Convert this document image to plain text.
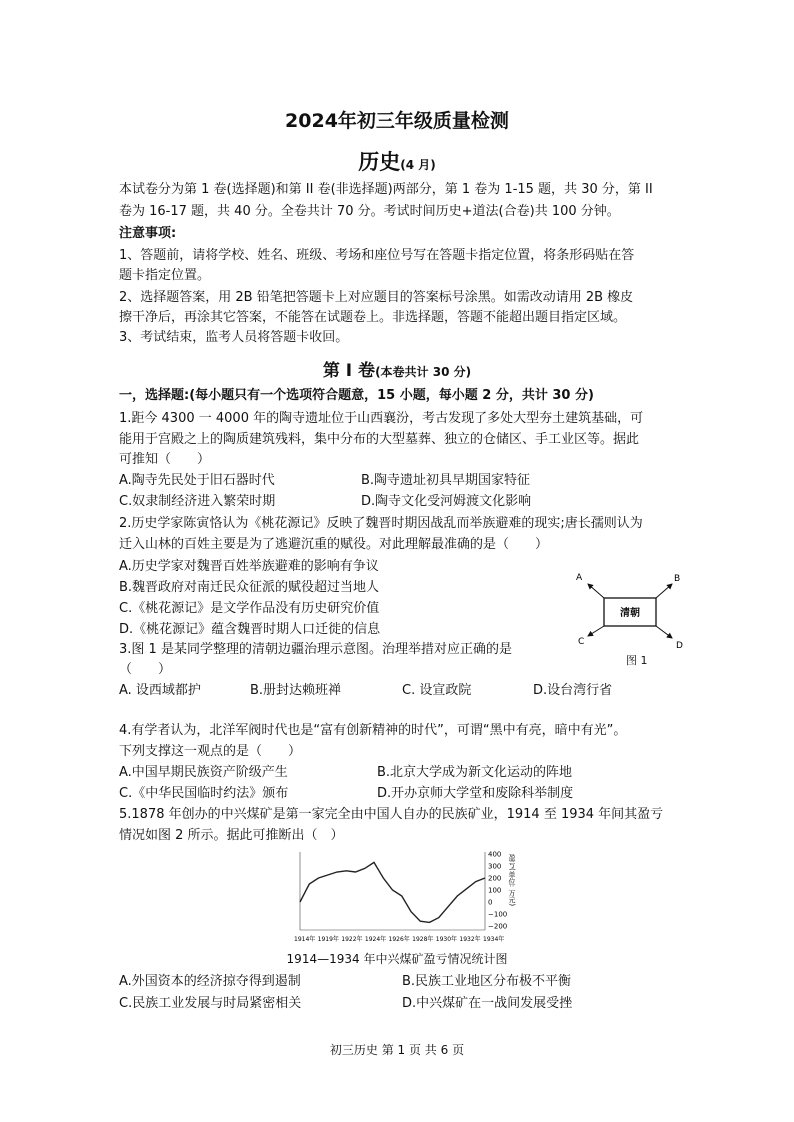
2024年初三年级质量检测
历史(4 月)
本试卷分为第 1 卷(选择题)和第 II 卷(非选择题)两部分，第 1 卷为 1-15 题，共 30 分，第 II
卷为 16-17 题，共 40 分。全卷共计 70 分。考试时间历史+道法(合卷)共 100 分钟。
注意事项:
1、答题前，请将学校、姓名、班级、考场和座位号写在答题卡指定位置，将条形码贴在答
题卡指定位置。
2、选择题答案，用 2B 铅笔把答题卡上对应题目的答案标号涂黑。如需改动请用 2B 橡皮
擦干净后，再涂其它答案，不能答在试题卷上。非选择题，答题不能超出题目指定区域。
3、考试结束，监考人员将答题卡收回。
第 I 卷(本卷共计 30 分)
一，选择题:(每小题只有一个选项符合题意，15 小题，每小题 2 分，共计 30 分)
1.距今 4300 一 4000 年的陶寺遗址位于山西襄汾，考古发现了多处大型夯土建筑基础，可
能用于宫殿之上的陶质建筑残料，集中分布的大型墓葬、独立的仓储区、手工业区等。据此
可推知（　　）
A.陶寺先民处于旧石器时代	B.陶寺遗址初具早期国家特征
C.奴隶制经济进入繁荣时期	D.陶寺文化受河姆渡文化影响
2.历史学家陈寅恪认为《桃花源记》反映了魏晋时期因战乱而举族避难的现实;唐长孺则认为
迁入山林的百姓主要是为了逃避沉重的赋役。对此理解最准确的是（　　）
A.历史学家对魏晋百姓举族避难的影响有争议
B.魏晋政府对南迁民众征派的赋役超过当地人
C.《桃花源记》是文学作品没有历史研究价值
D.《桃花源记》蕴含魏晋时期人口迁徙的信息
3.图 1 是某同学整理的清朝边疆治理示意图。治理举措对应正确的是
（　　）
A. 设西域都护	B.册封达赖班禅	C. 设宣政院	D.设台湾行省
清朝
A	B
C	D
图 1
4.有学者认为，北洋军阀时代也是“富有创新精神的时代”，可谓“黑中有亮，暗中有光”。
下列支撑这一观点的是（　　）
A.中国早期民族资产阶级产生	B.北京大学成为新文化运动的阵地
C.《中华民国临时约法》颁布	D.开办京师大学堂和废除科举制度
5.1878 年创办的中兴煤矿是第一家完全由中国人自办的民族矿业，1914 至 1934 年间其盈亏
情况如图 2 所示。据此可推断出（　）
400
300
200
100
0
−100
−200
1914年 1919年 1922年 1924年 1926年 1928年 1930年 1932年 1934年
盈亏(单位: 万元)
1914—1934 年中兴煤矿盈亏情况统计图
A.外国资本的经济掠夺得到遏制	B.民族工业地区分布极不平衡
C.民族工业发展与时局紧密相关	D.中兴煤矿在一战间发展受挫
初三历史 第 1 页 共 6 页
